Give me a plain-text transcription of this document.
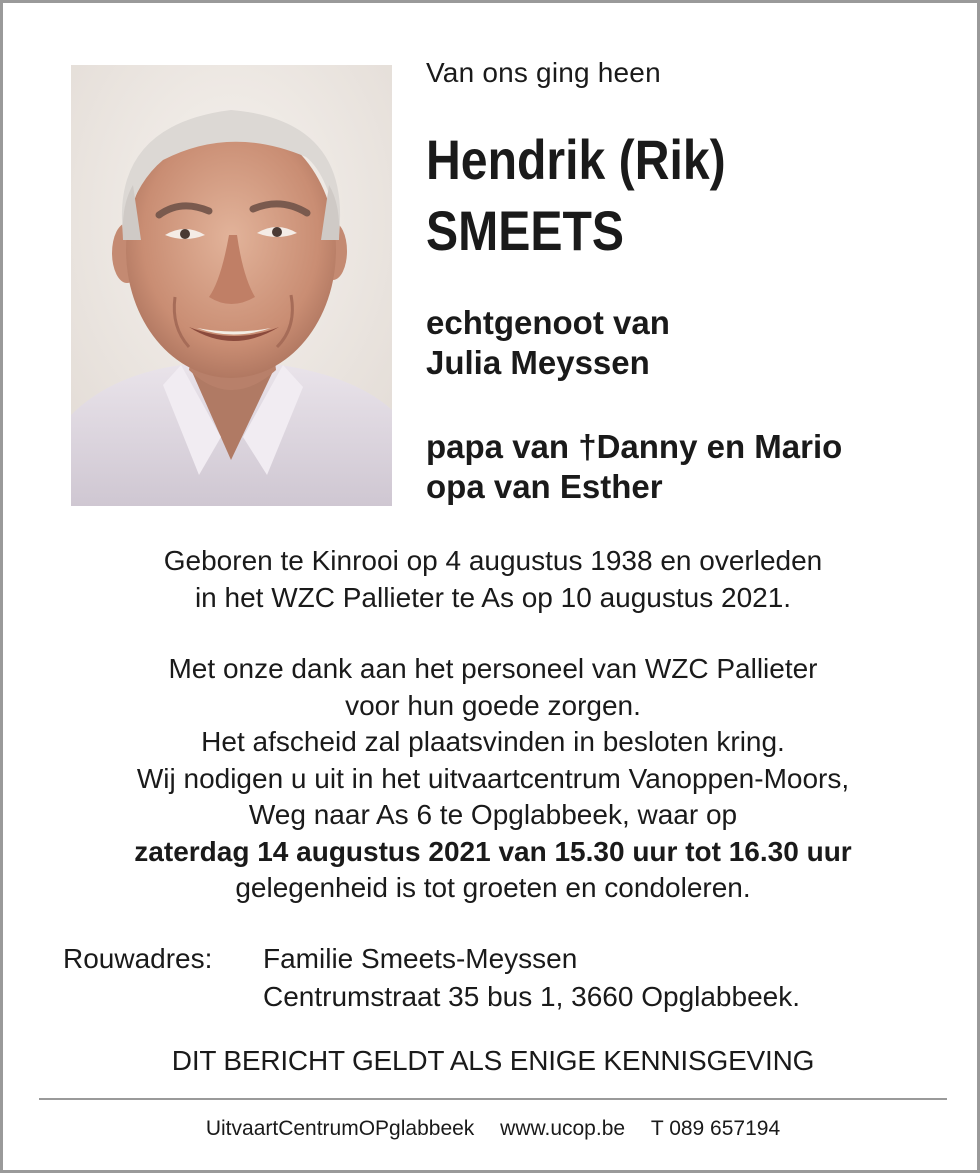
Van ons ging heen
Hendrik (Rik)
SMEETS
echtgenoot van
Julia Meyssen
papa van †Danny en Mario
opa van Esther
Geboren te Kinrooi op 4 augustus 1938 en overleden
in het WZC Pallieter te As op 10 augustus 2021.
Met onze dank aan het personeel van WZC Pallieter
voor hun goede zorgen.
Het afscheid zal plaatsvinden in besloten kring.
Wij nodigen u uit in het uitvaartcentrum Vanoppen-Moors,
Weg naar As 6 te Opglabbeek, waar op
zaterdag 14 augustus 2021 van 15.30 uur tot 16.30 uur
gelegenheid is tot groeten en condoleren.
Rouwadres: Familie Smeets-Meyssen
Centrumstraat 35 bus 1, 3660 Opglabbeek.
DIT BERICHT GELDT ALS ENIGE KENNISGEVING
UitvaartCentrumOPglabbeek www.ucop.be T 089 657194
